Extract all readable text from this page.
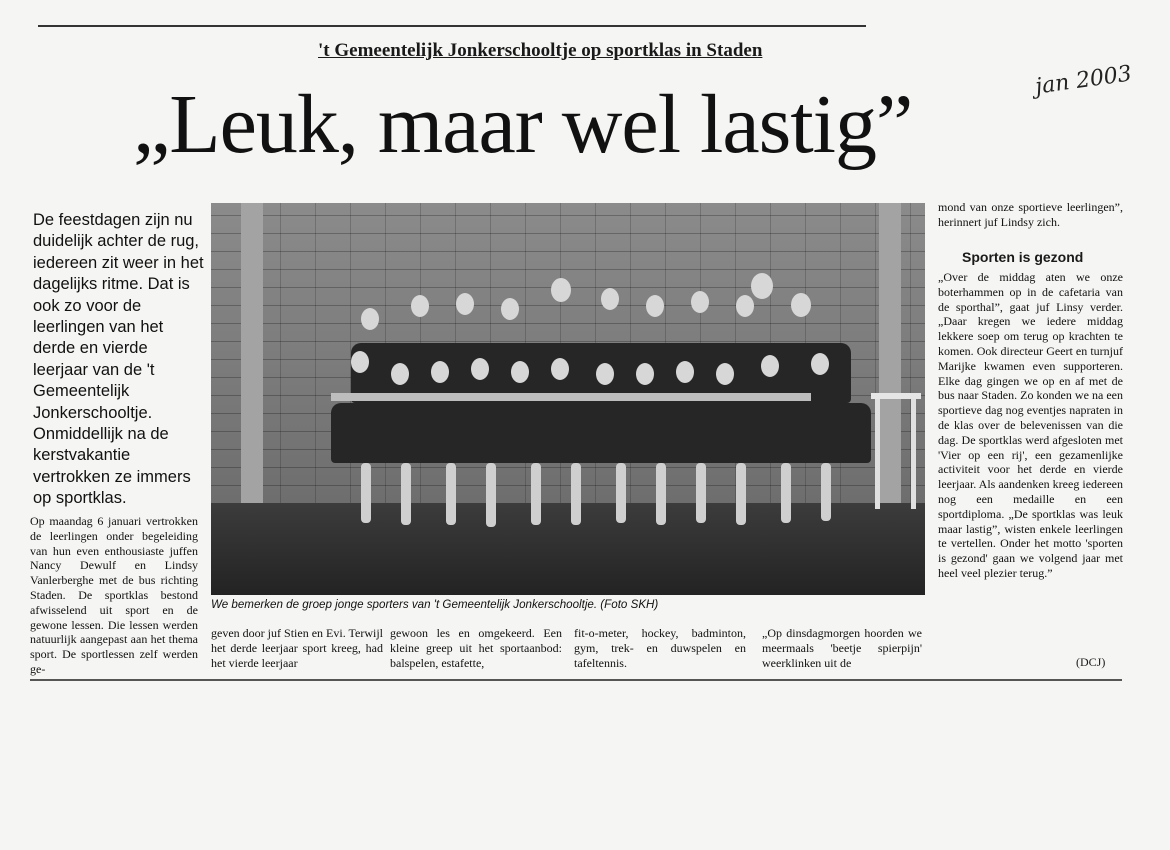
't Gemeentelijk Jonkerschooltje op sportklas in Staden
„Leuk, maar wel lastig”	jan 2003
De feestdagen zijn nu duidelijk achter de rug, iedereen zit weer in het dagelijks ritme. Dat is ook zo voor de leerlingen van het derde en vierde leerjaar van de 't Gemeentelijk Jonkerschooltje. Onmiddellijk na de kerstvakantie vertrokken ze immers op sportklas.
We bemerken de groep jonge sporters van 't Gemeentelijk Jonkerschooltje. (Foto SKH)
Op maandag 6 januari vertrokken de leerlingen onder begeleiding van hun even enthousiaste juffen Nancy Dewulf en Lindsy Vanlerberghe met de bus richting Staden. De sportklas bestond afwisselend uit sport en de gewone lessen. Die lessen werden natuurlijk aangepast aan het thema sport. De sportlessen zelf werden ge-
geven door juf Stien en Evi. Terwijl het derde leerjaar sport kreeg, had het vierde leerjaar
gewoon les en omgekeerd. Een kleine greep uit het sportaanbod: balspelen, estafette,
fit-o-meter, hockey, badminton, gym, trek- en duwspelen en tafeltennis.
„Op dinsdagmorgen hoorden we meermaals 'beetje spierpijn' weerklinken uit de
mond van onze sportieve leerlingen”, herinnert juf Lindsy zich.
Sporten is gezond
„Over de middag aten we onze boterhammen op in de cafetaria van de sporthal”, gaat juf Linsy verder. „Daar kregen we iedere middag lekkere soep om terug op krachten te komen. Ook directeur Geert en turnjuf Marijke kwamen even supporteren. Elke dag gingen we op en af met de bus naar Staden. Zo konden we na een sportieve dag nog eventjes napraten in de klas over de belevenissen van die dag. De sportklas werd afgesloten met 'Vier op een rij', een gezamenlijke activiteit voor het derde en vierde leerjaar. Als aandenken kreeg iedereen nog een medaille en een sportdiploma. „De sportklas was leuk maar lastig”, wisten enkele leerlingen te vertellen. Onder het motto 'sporten is gezond' gaan we volgend jaar met heel veel plezier terug.”
(DCJ)
